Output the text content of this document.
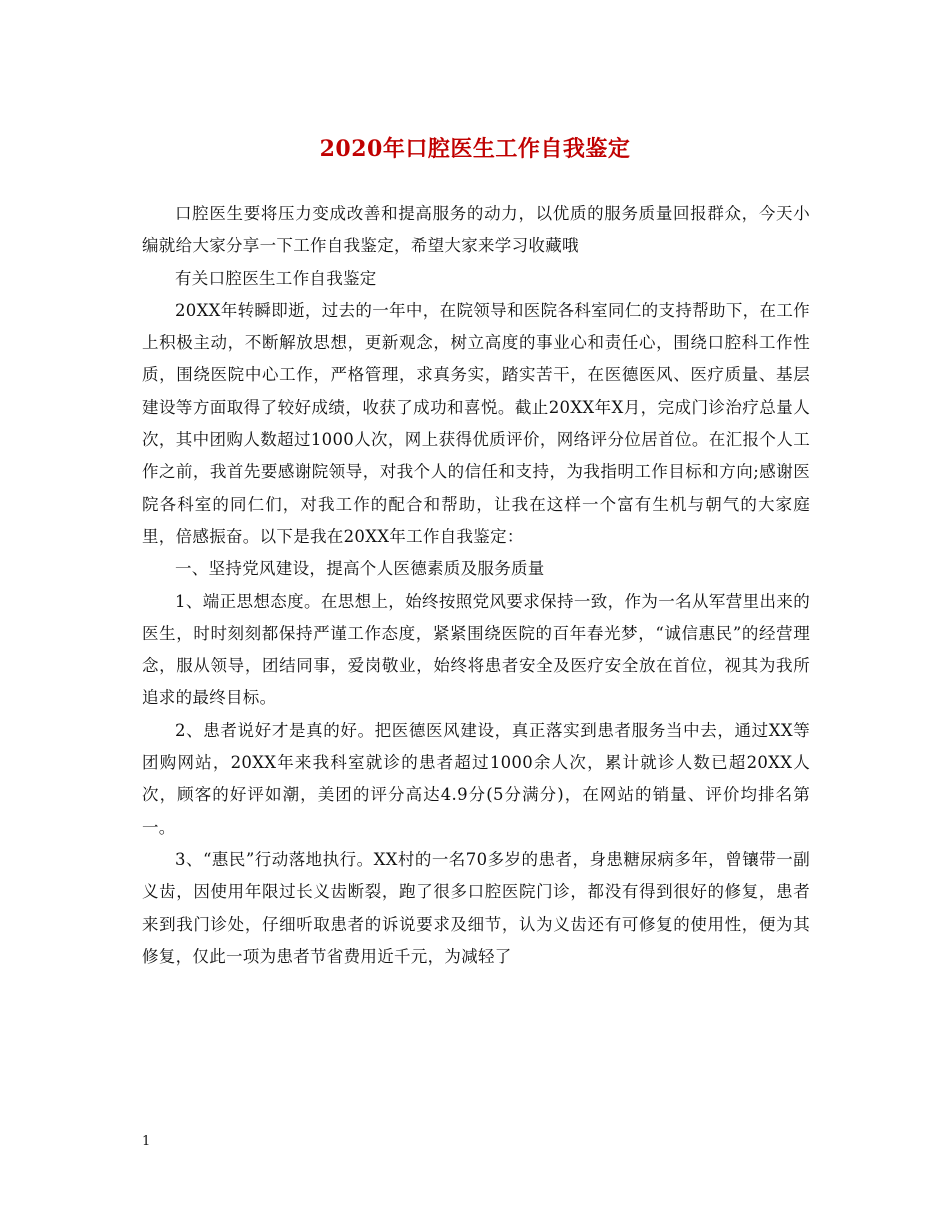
2020年口腔医生工作自我鉴定

口腔医生要将压力变成改善和提高服务的动力，以优质的服务质量回报群众，今天小编就给大家分享一下工作自我鉴定，希望大家来学习收藏哦

有关口腔医生工作自我鉴定

20XX年转瞬即逝，过去的一年中，在院领导和医院各科室同仁的支持帮助下，在工作上积极主动，不断解放思想，更新观念，树立高度的事业心和责任心，围绕口腔科工作性质，围绕医院中心工作，严格管理，求真务实，踏实苦干，在医德医风、医疗质量、基层建设等方面取得了较好成绩，收获了成功和喜悦。截止20XX年X月，完成门诊治疗总量人次，其中团购人数超过1000人次，网上获得优质评价，网络评分位居首位。在汇报个人工作之前，我首先要感谢院领导，对我个人的信任和支持，为我指明工作目标和方向;感谢医院各科室的同仁们，对我工作的配合和帮助，让我在这样一个富有生机与朝气的大家庭里，倍感振奋。以下是我在20XX年工作自我鉴定：

一、坚持党风建设，提高个人医德素质及服务质量

1、端正思想态度。在思想上，始终按照党风要求保持一致，作为一名从军营里出来的医生，时时刻刻都保持严谨工作态度，紧紧围绕医院的百年春光梦，“诚信惠民”的经营理念，服从领导，团结同事，爱岗敬业，始终将患者安全及医疗安全放在首位，视其为我所追求的最终目标。

2、患者说好才是真的好。把医德医风建设，真正落实到患者服务当中去，通过XX等团购网站，20XX年来我科室就诊的患者超过1000余人次，累计就诊人数已超20XX人次，顾客的好评如潮，美团的评分高达4.9分(5分满分)，在网站的销量、评价均排名第一。

3、“惠民”行动落地执行。XX村的一名70多岁的患者，身患糖尿病多年，曾镶带一副义齿，因使用年限过长义齿断裂，跑了很多口腔医院门诊，都没有得到很好的修复，患者来到我门诊处，仔细听取患者的诉说要求及细节，认为义齿还有可修复的使用性，便为其修复，仅此一项为患者节省费用近千元，为减轻了

1
